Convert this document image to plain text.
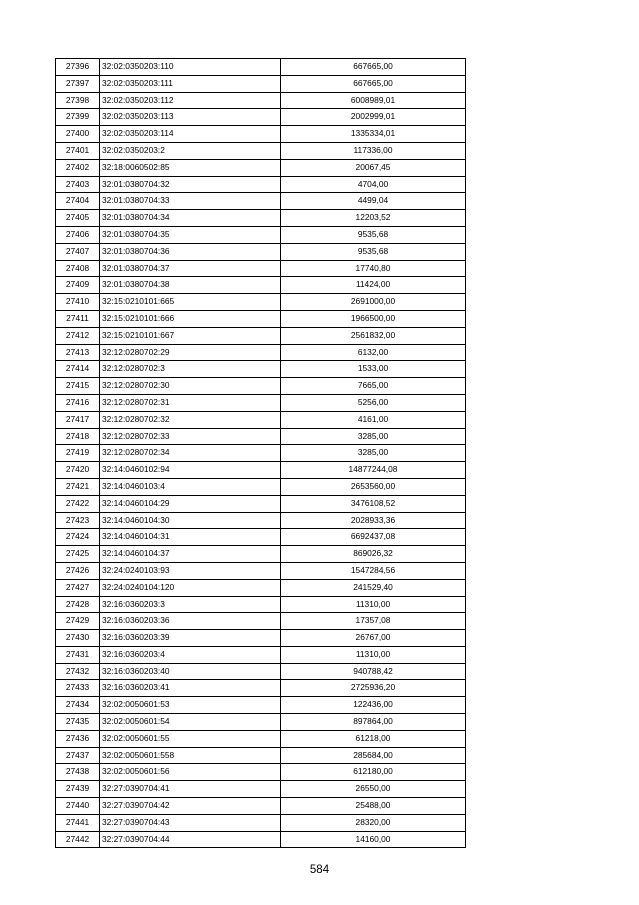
27396	32:02:0350203:110	667665,00
27397	32:02:0350203:111	667665,00
27398	32:02:0350203:112	6008989,01
27399	32:02:0350203:113	2002999,01
27400	32:02:0350203:114	1335334,01
27401	32:02:0350203:2	117336,00
27402	32:18:0060502:85	20067,45
27403	32:01:0380704:32	4704,00
27404	32:01:0380704:33	4499,04
27405	32:01:0380704:34	12203,52
27406	32:01:0380704:35	9535,68
27407	32:01:0380704:36	9535,68
27408	32:01:0380704:37	17740,80
27409	32:01:0380704:38	11424,00
27410	32:15:0210101:665	2691000,00
27411	32:15:0210101:666	1966500,00
27412	32:15:0210101:667	2561832,00
27413	32:12:0280702:29	6132,00
27414	32:12:0280702:3	1533,00
27415	32:12:0280702:30	7665,00
27416	32:12:0280702:31	5256,00
27417	32:12:0280702:32	4161,00
27418	32:12:0280702:33	3285,00
27419	32:12:0280702:34	3285,00
27420	32:14:0460102:94	14877244,08
27421	32:14:0460103:4	2653560,00
27422	32:14:0460104:29	3476108,52
27423	32:14:0460104:30	2028933,36
27424	32:14:0460104:31	6692437,08
27425	32:14:0460104:37	869026,32
27426	32:24:0240103:93	1547284,56
27427	32:24:0240104:120	241529,40
27428	32:16:0360203:3	11310,00
27429	32:16:0360203:36	17357,08
27430	32:16:0360203:39	26767,00
27431	32:16:0360203:4	11310,00
27432	32:16:0360203:40	940788,42
27433	32:16:0360203:41	2725936,20
27434	32:02:0050601:53	122436,00
27435	32:02:0050601:54	897864,00
27436	32:02:0050601:55	61218,00
27437	32:02:0050601:558	285684,00
27438	32:02:0050601:56	612180,00
27439	32:27:0390704:41	26550,00
27440	32:27:0390704:42	25488,00
27441	32:27:0390704:43	28320,00
27442	32:27:0390704:44	14160,00
584
